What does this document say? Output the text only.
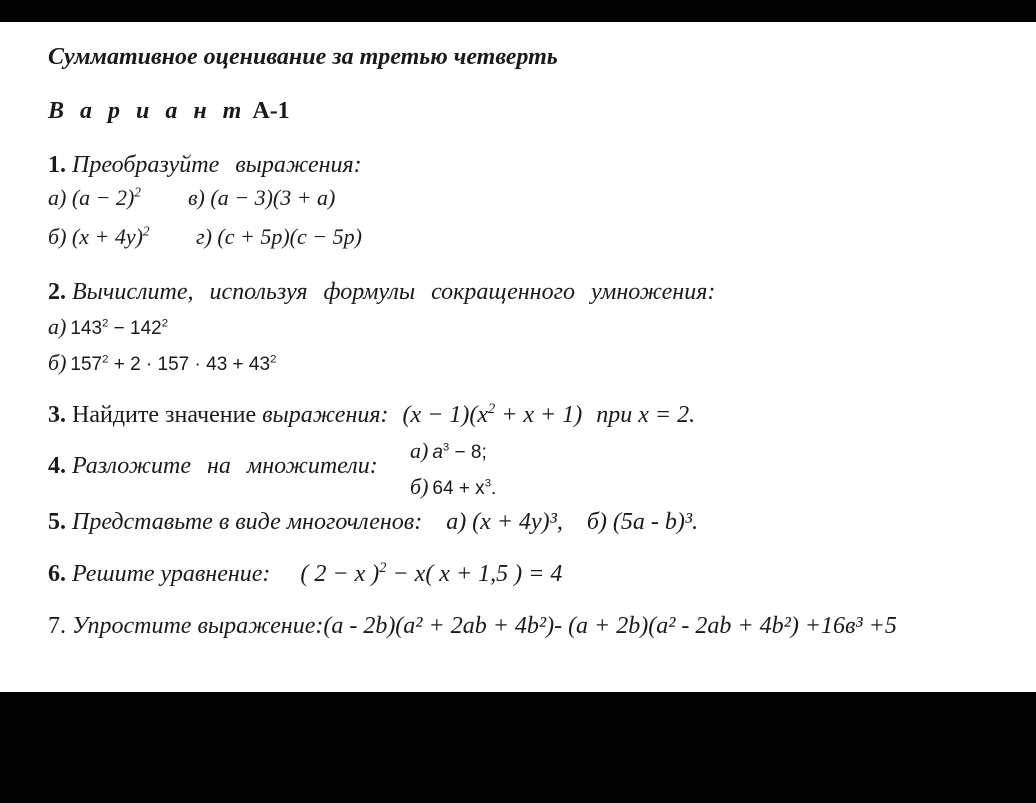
Суммативное оценивание за третью четверть
В а р и а н т А-1
1. Преобразуйте выражения:
а) $(a - 2)^2$ в) (a − 3)(3 + a)
б) $(x + 4y)^2$ г) (c + 5p)(c − 5p)
2. Вычислите, используя формулы сокращенного умножения:
а) $143^2 - 142^2$
б) $157^2 + 2 \cdot 157 \cdot 43 + 43^2$
3. Найдите значение выражения: $(x - 1)(x^2 + x + 1)$ при x = 2.
4. Разложите на множители:
а) $a^3 - 8$;
б) $64 + x^3$.
5. Представьте в виде многочленов: а) (x + 4y)³, б) (5a - b)³.
6. Решите уравнение: ( 2 − x )$^2$ − x( x + 1,5 ) = 4
7. Упростите выражение:(a - 2b)(a² + 2ab + 4b²)- (a + 2b)(a² - 2ab + 4b²) +16в³ +5
